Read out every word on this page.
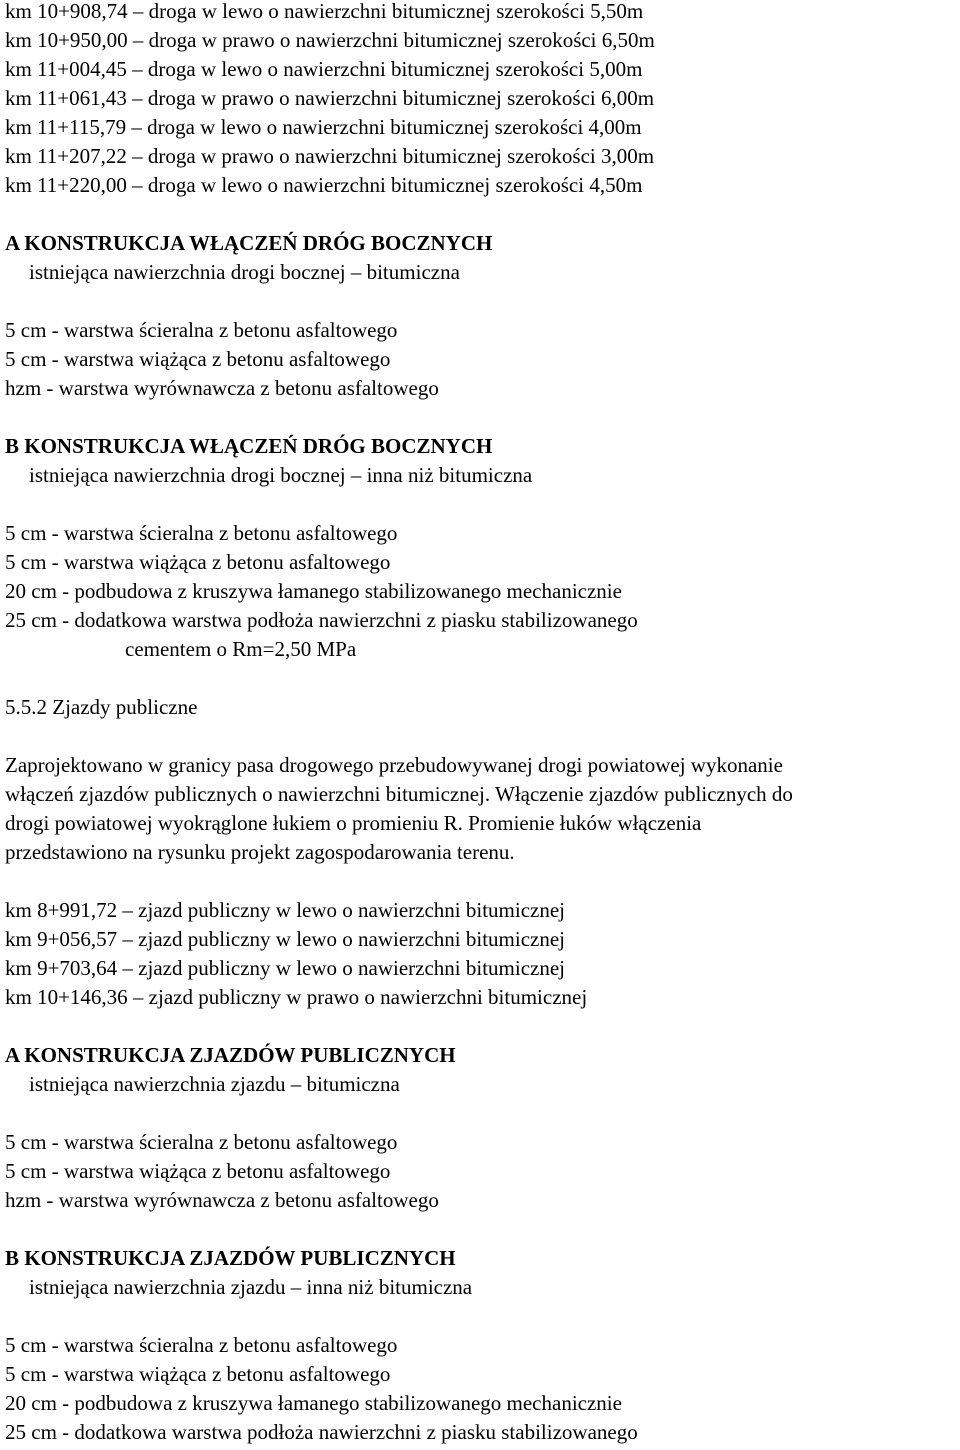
km 10+908,74 – droga w lewo o nawierzchni bitumicznej szerokości 5,50m
km 10+950,00 – droga w prawo o nawierzchni bitumicznej szerokości 6,50m
km 11+004,45 – droga w lewo o nawierzchni bitumicznej szerokości 5,00m
km 11+061,43 – droga w prawo o nawierzchni bitumicznej szerokości 6,00m
km 11+115,79 – droga w lewo o nawierzchni bitumicznej szerokości 4,00m
km 11+207,22 – droga w prawo o nawierzchni bitumicznej szerokości 3,00m
km 11+220,00 – droga w lewo o nawierzchni bitumicznej szerokości 4,50m
A KONSTRUKCJA WŁĄCZEŃ DRÓG BOCZNYCH
istniejąca nawierzchnia drogi bocznej – bitumiczna
5 cm - warstwa ścieralna z betonu asfaltowego
5 cm - warstwa wiążąca z betonu asfaltowego
hzm - warstwa wyrównawcza z betonu asfaltowego
B KONSTRUKCJA WŁĄCZEŃ DRÓG BOCZNYCH
istniejąca nawierzchnia drogi bocznej – inna niż bitumiczna
5 cm - warstwa ścieralna z betonu asfaltowego
5 cm - warstwa wiążąca z betonu asfaltowego
20 cm - podbudowa z kruszywa łamanego stabilizowanego mechanicznie
25 cm - dodatkowa warstwa podłoża nawierzchni z piasku stabilizowanego
cementem o Rm=2,50 MPa
5.5.2 Zjazdy publiczne
Zaprojektowano w granicy pasa drogowego przebudowywanej drogi powiatowej wykonanie
włączeń zjazdów publicznych o nawierzchni bitumicznej. Włączenie zjazdów publicznych do
drogi powiatowej wyokrąglone łukiem o promieniu R. Promienie łuków włączenia
przedstawiono na rysunku projekt zagospodarowania terenu.
km 8+991,72 – zjazd publiczny w lewo o nawierzchni bitumicznej
km 9+056,57 – zjazd publiczny w lewo o nawierzchni bitumicznej
km 9+703,64 – zjazd publiczny w lewo o nawierzchni bitumicznej
km 10+146,36 – zjazd publiczny w prawo o nawierzchni bitumicznej
A KONSTRUKCJA ZJAZDÓW PUBLICZNYCH
istniejąca nawierzchnia zjazdu – bitumiczna
5 cm - warstwa ścieralna z betonu asfaltowego
5 cm - warstwa wiążąca z betonu asfaltowego
hzm - warstwa wyrównawcza z betonu asfaltowego
B KONSTRUKCJA ZJAZDÓW PUBLICZNYCH
istniejąca nawierzchnia zjazdu – inna niż bitumiczna
5 cm - warstwa ścieralna z betonu asfaltowego
5 cm - warstwa wiążąca z betonu asfaltowego
20 cm - podbudowa z kruszywa łamanego stabilizowanego mechanicznie
25 cm - dodatkowa warstwa podłoża nawierzchni z piasku stabilizowanego
